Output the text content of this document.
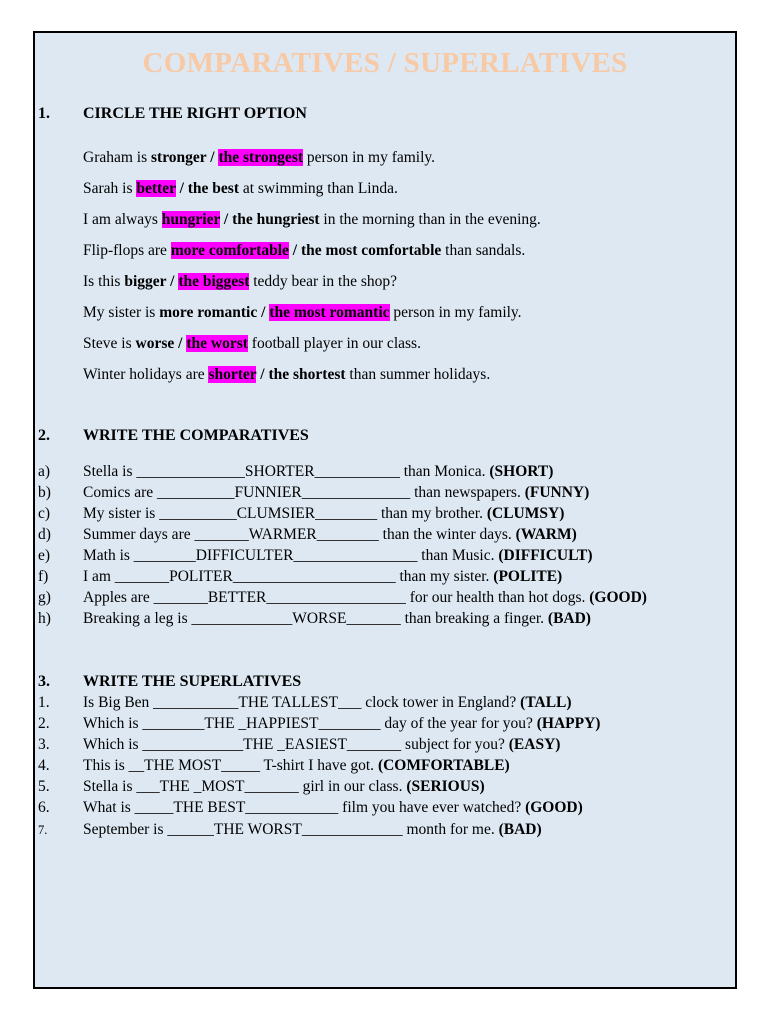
COMPARATIVES / SUPERLATIVES
1. CIRCLE THE RIGHT OPTION
Graham is stronger / the strongest person in my family.
Sarah is better / the best at swimming than Linda.
I am always hungrier / the hungriest in the morning than in the evening.
Flip-flops are more comfortable / the most comfortable than sandals.
Is this bigger / the biggest teddy bear in the shop?
My sister is more romantic / the most romantic person in my family.
Steve is worse / the worst football player in our class.
Winter holidays are shorter / the shortest than summer holidays.
2. WRITE THE COMPARATIVES
a) Stella is ______________SHORTER___________ than Monica. (SHORT)
b) Comics are __________FUNNIER______________ than newspapers. (FUNNY)
c) My sister is __________CLUMSIER________ than my brother. (CLUMSY)
d) Summer days are _______WARMER________ than the winter days. (WARM)
e) Math is ________DIFFICULTER________________ than Music. (DIFFICULT)
f) I am _______POLITER_____________________ than my sister. (POLITE)
g) Apples are _______BETTER__________________ for our health than hot dogs. (GOOD)
h) Breaking a leg is _____________WORSE_______ than breaking a finger. (BAD)
3. WRITE THE SUPERLATIVES
1. Is Big Ben ___________THE TALLEST___ clock tower in England? (TALL)
2. Which is ________THE _HAPPIEST________ day of the year for you? (HAPPY)
3. Which is _____________THE _EASIEST_______ subject for you? (EASY)
4. This is __THE MOST_____ T-shirt I have got. (COMFORTABLE)
5. Stella is ___THE _MOST_______ girl in our class. (SERIOUS)
6. What is _____THE BEST____________ film you have ever watched? (GOOD)
7. September is ______THE WORST_____________ month for me. (BAD)
